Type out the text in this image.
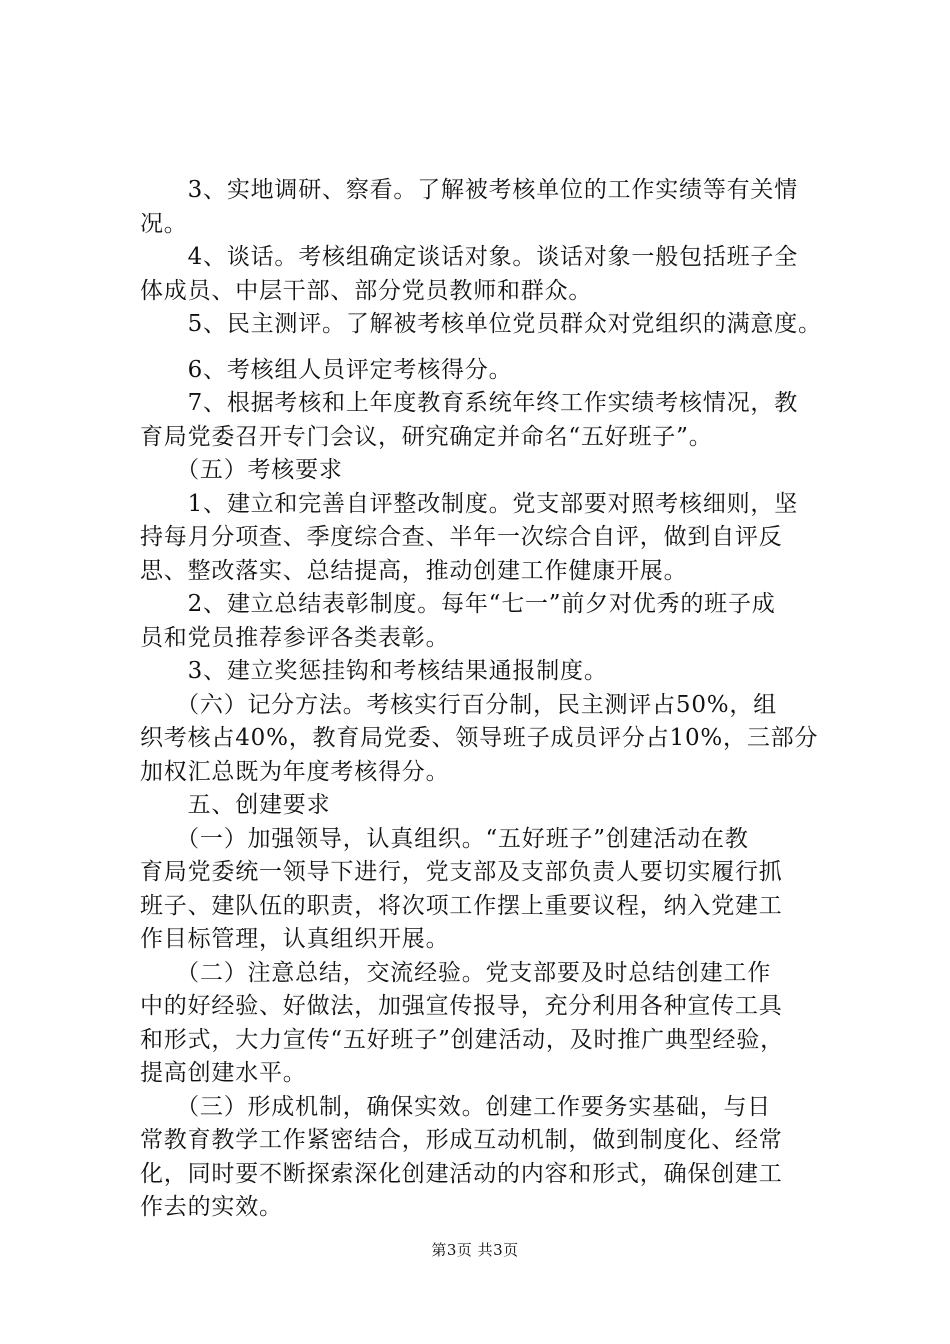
　　3、实地调研、察看。了解被考核单位的工作实绩等有关情
况。
　　4、谈话。考核组确定谈话对象。谈话对象一般包括班子全
体成员、中层干部、部分党员教师和群众。
　　5、民主测评。了解被考核单位党员群众对党组织的满意度。
　　6、考核组人员评定考核得分。
　　7、根据考核和上年度教育系统年终工作实绩考核情况，教
育局党委召开专门会议，研究确定并命名“五好班子”。
　　（五）考核要求
　　1、建立和完善自评整改制度。党支部要对照考核细则，坚
持每月分项查、季度综合查、半年一次综合自评，做到自评反
思、整改落实、总结提高，推动创建工作健康开展。
　　2、建立总结表彰制度。每年“七一”前夕对优秀的班子成
员和党员推荐参评各类表彰。
　　3、建立奖惩挂钩和考核结果通报制度。
　　（六）记分方法。考核实行百分制，民主测评占50%，组
织考核占40%，教育局党委、领导班子成员评分占10%，三部分
加权汇总既为年度考核得分。
　　五、创建要求
　　（一）加强领导，认真组织。“五好班子”创建活动在教
育局党委统一领导下进行，党支部及支部负责人要切实履行抓
班子、建队伍的职责，将次项工作摆上重要议程，纳入党建工
作目标管理，认真组织开展。
　　（二）注意总结，交流经验。党支部要及时总结创建工作
中的好经验、好做法，加强宣传报导，充分利用各种宣传工具
和形式，大力宣传“五好班子”创建活动，及时推广典型经验，
提高创建水平。
　　（三）形成机制，确保实效。创建工作要务实基础，与日
常教育教学工作紧密结合，形成互动机制，做到制度化、经常
化，同时要不断探索深化创建活动的内容和形式，确保创建工
作去的实效。
第3页 共3页
